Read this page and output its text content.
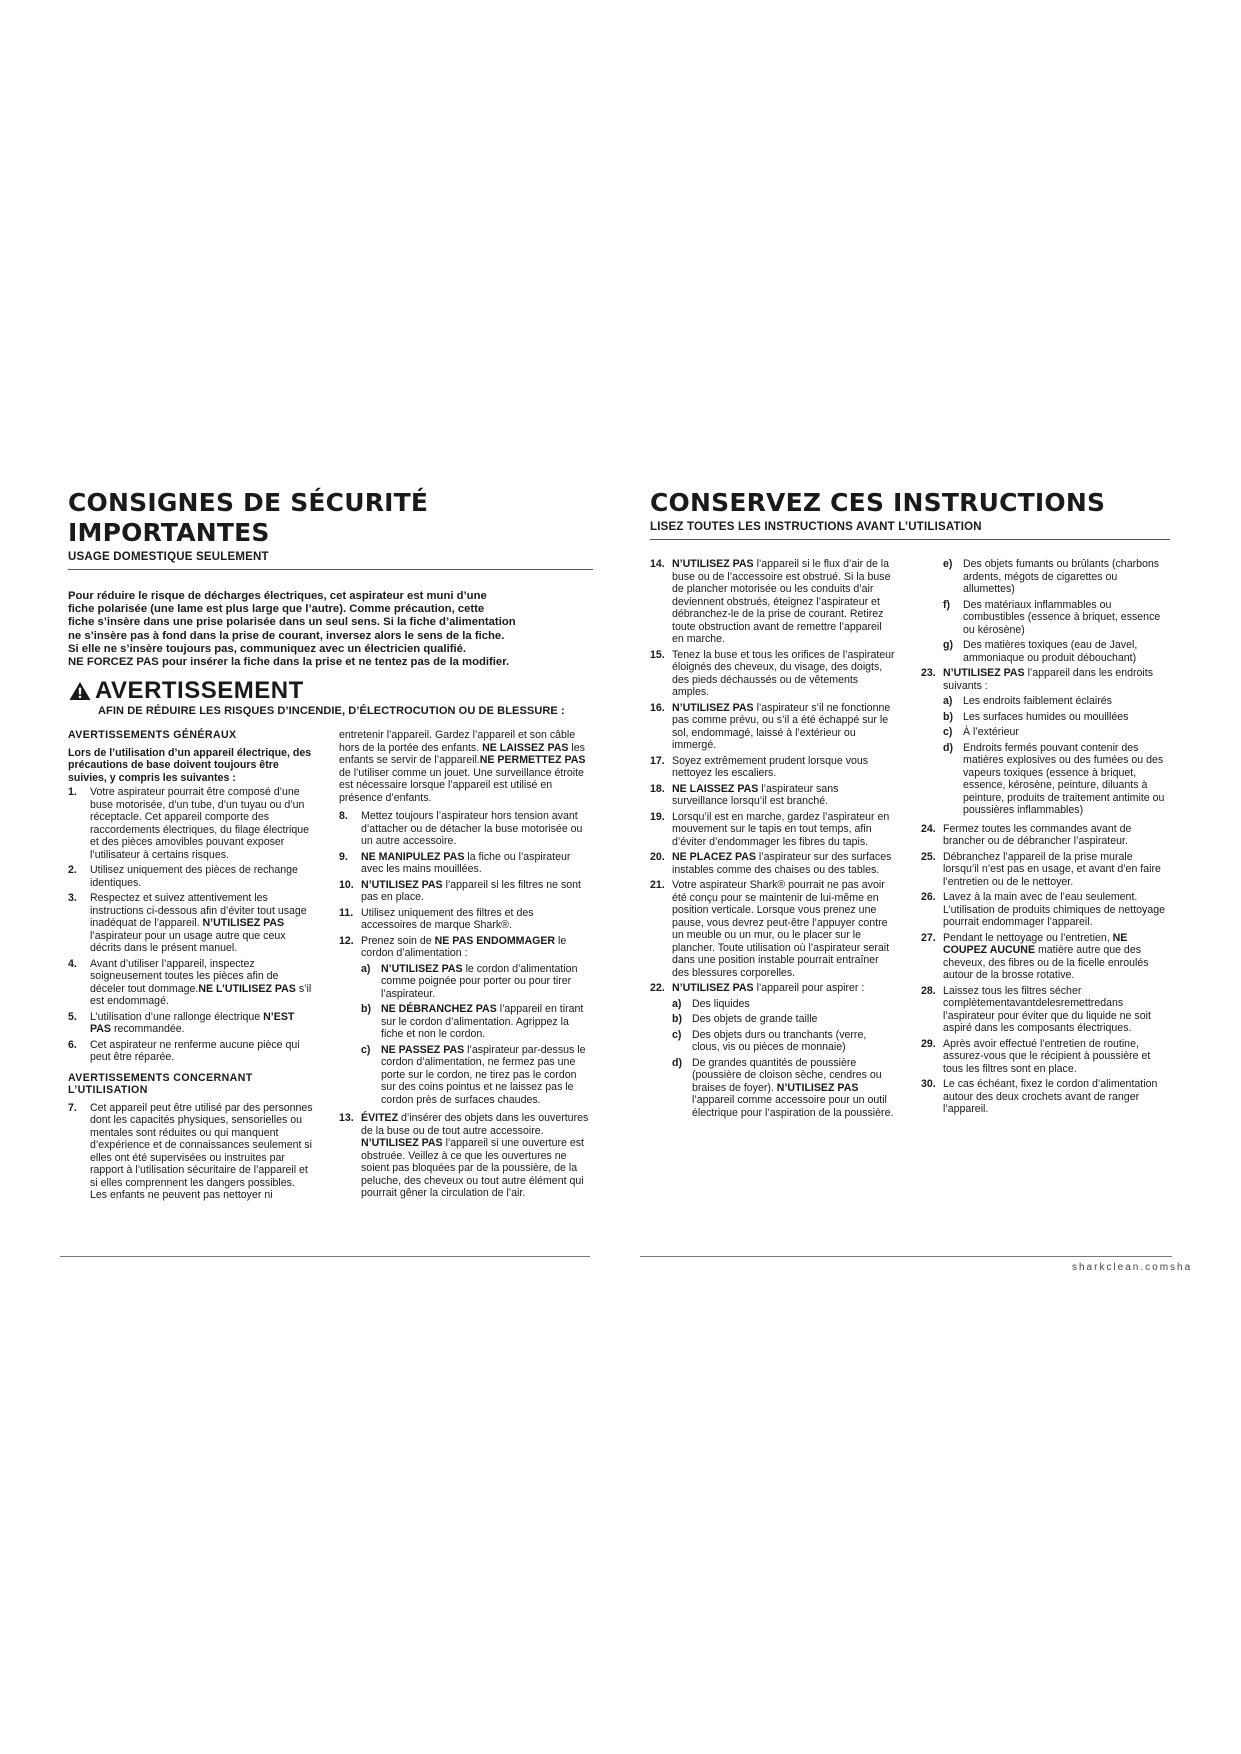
CONSIGNES DE SÉCURITÉ IMPORTANTES
USAGE DOMESTIQUE SEULEMENT
Pour réduire le risque de décharges électriques, cet aspirateur est muni d’une
fiche polarisée (une lame est plus large que l’autre). Comme précaution, cette
fiche s’insère dans une prise polarisée dans un seul sens. Si la fiche d’alimentation
ne s’insère pas à fond dans la prise de courant, inversez alors le sens de la fiche.
Si elle ne s’insère toujours pas, communiquez avec un électricien qualifié.
NE FORCEZ PAS pour insérer la fiche dans la prise et ne tentez pas de la modifier.
AVERTISSEMENT
AFIN DE RÉDUIRE LES RISQUES D’INCENDIE, D’ÉLECTROCUTION OU DE BLESSURE :
AVERTISSEMENTS GÉNÉRAUX
Lors de l’utilisation d’un appareil électrique, des précautions de base doivent toujours être suivies, y compris les suivantes :
1.	Votre aspirateur pourrait être composé d’une buse motorisée, d’un tube, d’un tuyau ou d’un réceptacle. Cet appareil comporte des raccordements électriques, du filage électrique et des pièces amovibles pouvant exposer l’utilisateur à certains risques.
2.	Utilisez uniquement des pièces de rechange identiques.
3.	Respectez et suivez attentivement les instructions ci-dessous afin d’éviter tout usage inadéquat de l’appareil. N’UTILISEZ PAS l’aspirateur pour un usage autre que ceux décrits dans le présent manuel.
4.	Avant d’utiliser l’appareil, inspectez soigneusement toutes les pièces afin de déceler tout dommage.NE L’UTILISEZ PAS s’il est endommagé.
5.	L’utilisation d’une rallonge électrique N’EST PAS recommandée.
6.	Cet aspirateur ne renferme aucune pièce qui peut être réparée.
AVERTISSEMENTS CONCERNANT L’UTILISATION
7.	Cet appareil peut être utilisé par des personnes dont les capacités physiques, sensorielles ou mentales sont réduites ou qui manquent d’expérience et de connaissances seulement si elles ont été supervisées ou instruites par rapport à l’utilisation sécuritaire de l’appareil et si elles comprennent les dangers possibles. Les enfants ne peuvent pas nettoyer ni
entretenir l’appareil. Gardez l’appareil et son câble hors de la portée des enfants. NE LAISSEZ PAS les enfants se servir de l’appareil.NE PERMETTEZ PAS de l’utiliser comme un jouet. Une surveillance étroite est nécessaire lorsque l’appareil est utilisé en présence d’enfants.
8.	Mettez toujours l’aspirateur hors tension avant d’attacher ou de détacher la buse motorisée ou un autre accessoire.
9.	NE MANIPULEZ PAS la fiche ou l’aspirateur avec les mains mouillées.
10. N’UTILISEZ PAS l’appareil si les filtres ne sont pas en place.
11. Utilisez uniquement des filtres et des accessoires de marque Shark®.
12. Prenez soin de NE PAS ENDOMMAGER le cordon d’alimentation :
a) N’UTILISEZ PAS le cordon d’alimentation comme poignée pour porter ou pour tirer l’aspirateur.
b) NE DÉBRANCHEZ PAS l’appareil en tirant sur le cordon d’alimentation. Agrippez la fiche et non le cordon.
c) NE PASSEZ PAS l’aspirateur par-dessus le cordon d’alimentation, ne fermez pas une porte sur le cordon, ne tirez pas le cordon sur des coins pointus et ne laissez pas le cordon près de surfaces chaudes.
13. ÉVITEZ d’insérer des objets dans les ouvertures de la buse ou de tout autre accessoire. N’UTILISEZ PAS l’appareil si une ouverture est obstruée. Veillez à ce que les ouvertures ne soient pas bloquées par de la poussière, de la peluche, des cheveux ou tout autre élément qui pourrait gêner la circulation de l’air.
CONSERVEZ CES INSTRUCTIONS
LISEZ TOUTES LES INSTRUCTIONS AVANT L’UTILISATION
14. N’UTILISEZ PAS l’appareil si le flux d’air de la buse ou de l’accessoire est obstrué. Si la buse de plancher motorisée ou les conduits d’air deviennent obstrués, éteignez l’aspirateur et débranchez-le de la prise de courant. Retirez toute obstruction avant de remettre l’appareil en marche.
15. Tenez la buse et tous les orifices de l’aspirateur éloignés des cheveux, du visage, des doigts, des pieds déchaussés ou de vêtements amples.
16. N’UTILISEZ PAS l’aspirateur s’il ne fonctionne pas comme prévu, ou s’il a été échappé sur le sol, endommagé, laissé à l’extérieur ou immergé.
17. Soyez extrêmement prudent lorsque vous nettoyez les escaliers.
18. NE LAISSEZ PAS l’aspirateur sans surveillance lorsqu’il est branché.
19. Lorsqu’il est en marche, gardez l’aspirateur en mouvement sur le tapis en tout temps, afin d’éviter d’endommager les fibres du tapis.
20. NE PLACEZ PAS l’aspirateur sur des surfaces instables comme des chaises ou des tables.
21. Votre aspirateur Shark® pourrait ne pas avoir été conçu pour se maintenir de lui-même en position verticale. Lorsque vous prenez une pause, vous devrez peut-être l’appuyer contre un meuble ou un mur, ou le placer sur le plancher. Toute utilisation où l’aspirateur serait dans une position instable pourrait entraîner des blessures corporelles.
22. N’UTILISEZ PAS l’appareil pour aspirer :
a) Des liquides
b) Des objets de grande taille
c) Des objets durs ou tranchants (verre, clous, vis ou pièces de monnaie)
d) De grandes quantités de poussière (poussière de cloison sèche, cendres ou braises de foyer). N’UTILISEZ PAS l’appareil comme accessoire pour un outil électrique pour l’aspiration de la poussière.
e) Des objets fumants ou brûlants (charbons ardents, mégots de cigarettes ou allumettes)
f)	Des matériaux inflammables ou combustibles (essence à briquet, essence ou kérosène)
g) Des matières toxiques (eau de Javel, ammoniaque ou produit débouchant)
23. N’UTILISEZ PAS l’appareil dans les endroits suivants :
a) Les endroits faiblement éclairés
b) Les surfaces humides ou mouillées
c) À l’extérieur
d) Endroits fermés pouvant contenir des matières explosives ou des fumées ou des vapeurs toxiques (essence à briquet, essence, kérosène, peinture, diluants à peinture, produits de traitement antimite ou poussières inflammables)
24. Fermez toutes les commandes avant de brancher ou de débrancher l’aspirateur.
25. Débranchez l’appareil de la prise murale lorsqu’il n’est pas en usage, et avant d’en faire l’entretien ou de le nettoyer.
26. Lavez à la main avec de l’eau seulement. L’utilisation de produits chimiques de nettoyage pourrait endommager l’appareil.
27. Pendant le nettoyage ou l’entretien, NE COUPEZ AUCUNE matière autre que des cheveux, des fibres ou de la ficelle enroulés autour de la brosse rotative.
28. Laissez tous les filtres sécher complètementavantdelesremettredans l’aspirateur pour éviter que du liquide ne soit aspiré dans les composants électriques.
29. Après avoir effectué l’entretien de routine, assurez-vous que le récipient à poussière et tous les filtres sont en place.
30. Le cas échéant, fixez le cordon d’alimentation autour des deux crochets avant de ranger l’appareil.
sharkclean.comsha
